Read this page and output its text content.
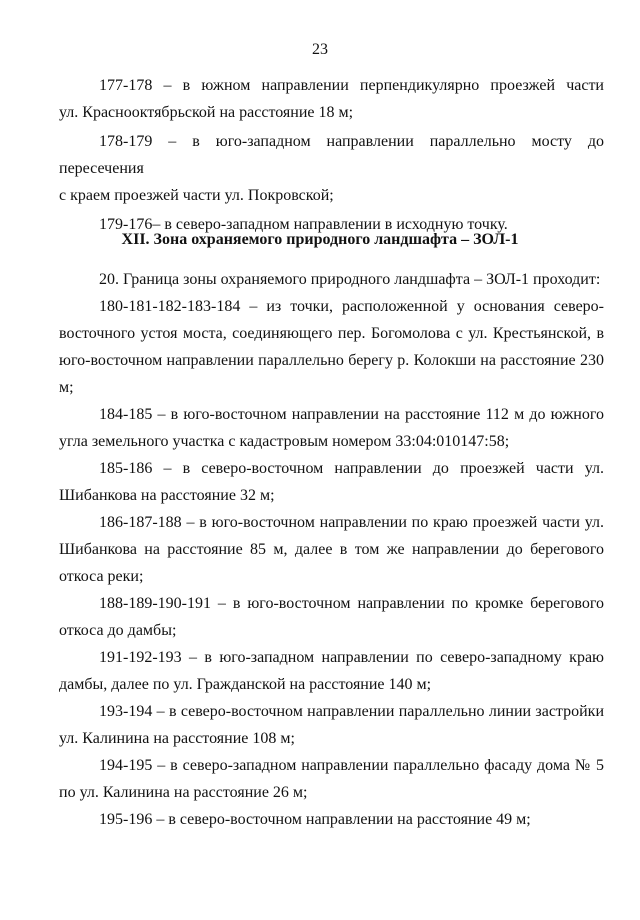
23

177-178 – в южном направлении перпендикулярно проезжей части

ул. Краснооктябрьской на расстояние 18 м;

178-179 – в юго-западном направлении параллельно мосту до пересечения

с краем проезжей части ул. Покровской;

179-176– в северо-западном направлении в исходную точку.

XII. Зона охраняемого природного ландшафта – ЗОЛ-1

20. Граница зоны охраняемого природного ландшафта – ЗОЛ-1 проходит:

180-181-182-183-184 – из точки, расположенной у основания северо-восточного устоя моста, соединяющего пер. Богомолова с ул. Крестьянской, в юго-восточном направлении параллельно берегу р. Колокши на расстояние 230 м;

184-185 – в юго-восточном направлении на расстояние 112 м до южного угла земельного участка с кадастровым номером 33:04:010147:58;

185-186 – в северо-восточном направлении до проезжей части ул. Шибанкова на расстояние 32 м;

186-187-188 – в юго-восточном направлении по краю проезжей части ул. Шибанкова на расстояние 85 м, далее в том же направлении до берегового откоса реки;

188-189-190-191 – в юго-восточном направлении по кромке берегового откоса до дамбы;

191-192-193 – в юго-западном направлении по северо-западному краю дамбы, далее по ул. Гражданской на расстояние 140 м;

193-194 – в северо-восточном направлении параллельно линии застройки ул. Калинина на расстояние 108 м;

194-195 – в северо-западном направлении параллельно фасаду дома № 5 по ул. Калинина на расстояние 26 м;

195-196 – в северо-восточном направлении на расстояние 49 м;
